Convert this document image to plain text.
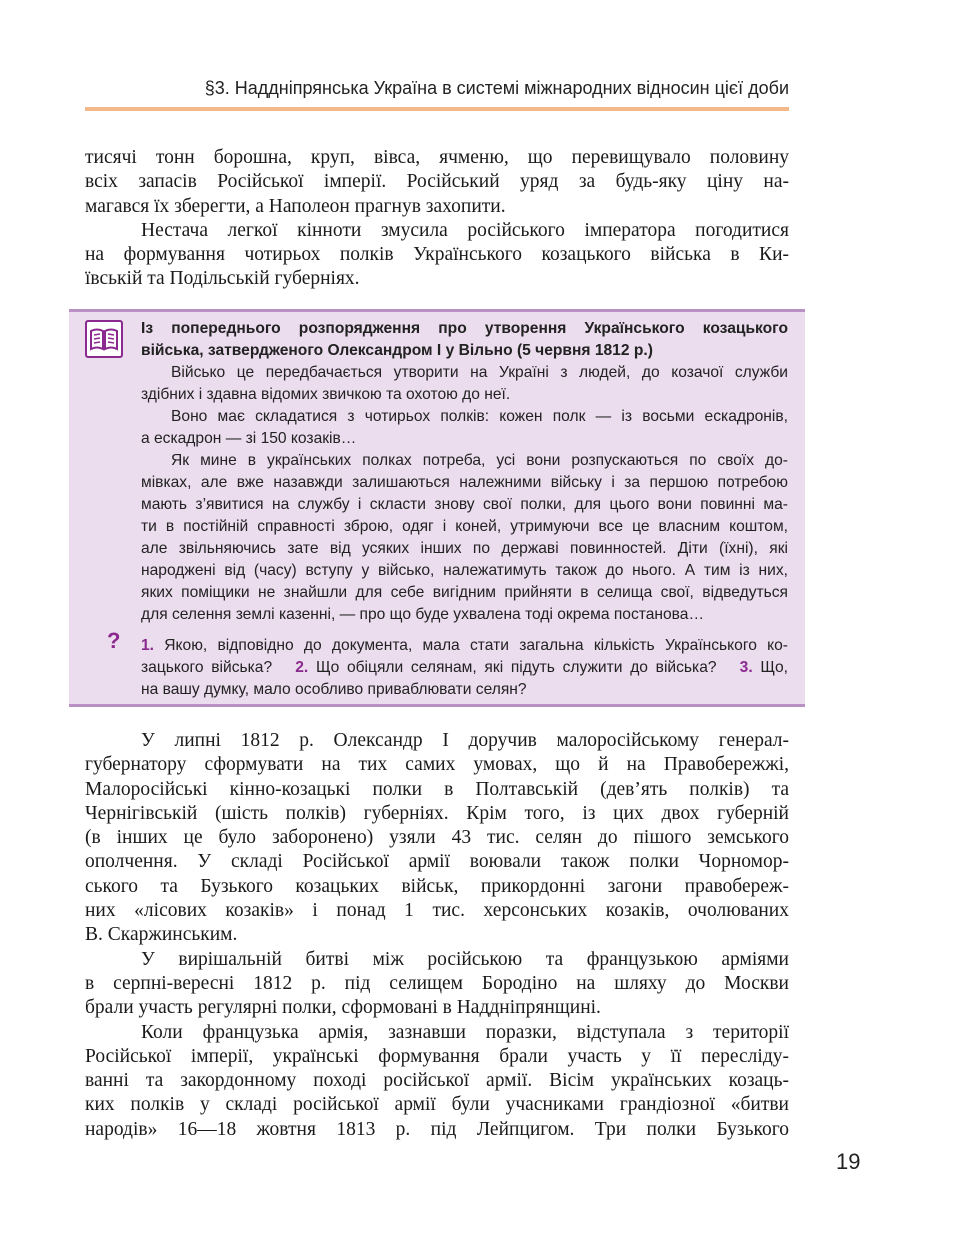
§3. Наддніпрянська Україна в системі міжнародних відносин цієї доби
тисячі тонн борошна, круп, вівса, ячменю, що перевищувало половину
всіх запасів Російської імперії. Російський уряд за будь-яку ціну на-
магався їх зберегти, а Наполеон прагнув захопити.
Нестача легкої кінноти змусила російського імператора погодитися
на формування чотирьох полків Українського козацького війська в Ки-
ївській та Подільській губерніях.
Із попереднього розпорядження про утворення Українського козацького
війська, затвердженого Олександром І у Вільно (5 червня 1812 р.)
Військо це передбачається утворити на Україні з людей, до козачої служби
здібних і здавна відомих звичкою та охотою до неї.
Воно має складатися з чотирьох полків: кожен полк — із восьми ескадронів,
а ескадрон — зі 150 козаків…
Як мине в українських полках потреба, усі вони розпускаються по своїх до-
мівках, але вже назавжди залишаються належними війську і за першою потребою
мають з’явитися на службу і скласти знову свої полки, для цього вони повинні ма-
ти в постійній справності зброю, одяг і коней, утримуючи все це власним коштом,
але звільняючись зате від усяких інших по державі повинностей. Діти (їхні), які
народжені від (часу) вступу у військо, належатимуть також до нього. А тим із них,
яких поміщики не знайшли для себе вигідним прийняти в селища свої, відведуться
для селення землі казенні, — про що буде ухвалена тоді окрема постанова…
? 1. Якою, відповідно до документа, мала стати загальна кількість Українського ко-
зацького війська? 2. Що обіцяли селянам, які підуть служити до війська? 3. Що,
на вашу думку, мало особливо приваблювати селян?
У липні 1812 р. Олександр I доручив малоросійському генерал-
губернатору сформувати на тих самих умовах, що й на Правобережжі,
Малоросійські кінно-козацькі полки в Полтавській (дев’ять полків) та
Чернігівській (шість полків) губерніях. Крім того, із цих двох губерній
(в інших це було заборонено) узяли 43 тис. селян до пішого земського
ополчення. У складі Російської армії воювали також полки Чорномор-
ського та Бузького козацьких військ, прикордонні загони правобереж-
них «лісових козаків» і понад 1 тис. херсонських козаків, очолюваних
В. Скаржинським.
У вирішальній битві між російською та французькою арміями
в серпні-вересні 1812 р. під селищем Бородіно на шляху до Москви
брали участь регулярні полки, сформовані в Наддніпрянщині.
Коли французька армія, зазнавши поразки, відступала з території
Російської імперії, українські формування брали участь у її пересліду-
ванні та закордонному поході російської армії. Вісім українських козаць-
ких полків у складі російської армії були учасниками грандіозної «битви
народів» 16—18 жовтня 1813 р. під Лейпцигом. Три полки Бузького
19
